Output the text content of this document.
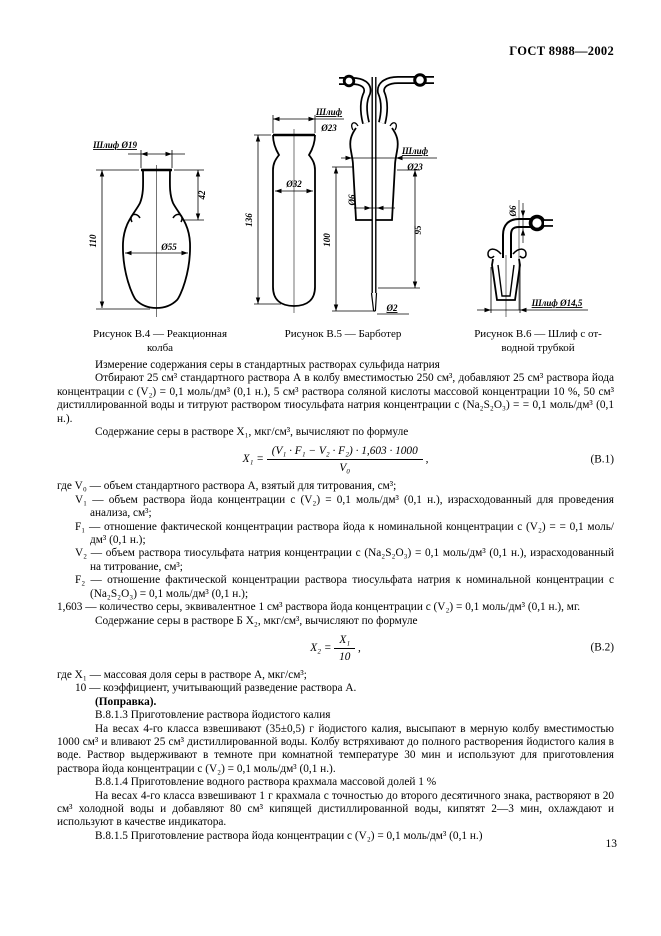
ГОСТ 8988—2002
Шлиф Ø19
110
42
Ø55
Шлиф
Ø23
136
Ø32
Шлиф
Ø23
95
100
Ø6
Ø2
Ø6
Шлиф Ø14,5
Рисунок В.4 — Реакционная
колба
Рисунок В.5 — Барботер	Рисунок В.6 — Шлиф с от-
водной трубкой

Измерение содержания серы в стандартных растворах сульфида натрия

Отбирают 25 см³ стандартного раствора А в колбу вместимостью 250 см³, добавляют 25 см³ раствора йода концентрации с (V₂) = 0,1 моль/дм³ (0,1 н.), 5 см³ раствора соляной кислоты массовой концентрации 10 %, 50 см³ дистиллированной воды и титруют раствором тиосульфата натрия концентрации с (Na₂S₂O₃) = = 0,1 моль/дм³ (0,1 н.).

Содержание серы в растворе X₁, мкг/см³, вычисляют по формуле

$X_1 = \frac{\text{(V₁ · F₁ − V₂ · F₂) · 1,603 · 1000}}{\text{V₀}}$ ,	(В.1)

где V₀ — объем стандартного раствора А, взятый для титрования, см³;

V₁ — объем раствора йода концентрации с (V₂) = 0,1 моль/дм³ (0,1 н.), израсходованный для проведения анализа, см³;

F₁ — отношение фактической концентрации раствора йода к номинальной концентрации с (V₂) = = 0,1 моль/дм³ (0,1 н.);

V₂ — объем раствора тиосульфата натрия концентрации с (Na₂S₂O₃) = 0,1 моль/дм³ (0,1 н.), израсходованный на титрование, см³;

F₂ — отношение фактической концентрации раствора тиосульфата натрия к номинальной концентрации с (Na₂S₂O₃) = 0,1 моль/дм³ (0,1 н.);

1,603 — количество серы, эквивалентное 1 см³ раствора йода концентрации с (V₂) = 0,1 моль/дм³ (0,1 н.), мг.

Содержание серы в растворе Б X₂, мкг/см³, вычисляют по формуле

$X_2 = \frac{\text{X₁}}{10}$ ,	(В.2)

где X₁ — массовая доля серы в растворе А, мкг/см³;

10 — коэффициент, учитывающий разведение раствора А.

(Поправка).

В.8.1.3 Приготовление раствора йодистого калия

На весах 4-го класса взвешивают (35±0,5) г йодистого калия, высыпают в мерную колбу вместимостью 1000 см³ и вливают 25 см³ дистиллированной воды. Колбу встряхивают до полного растворения йодистого калия в воде. Раствор выдерживают в темноте при комнатной температуре 30 мин и используют для приготовления раствора йода концентрации с (V₂) = 0,1 моль/дм³ (0,1 н.).

В.8.1.4 Приготовление водного раствора крахмала массовой долей 1 %

На весах 4-го класса взвешивают 1 г крахмала с точностью до второго десятичного знака, растворяют в 20 см³ холодной воды и добавляют 80 см³ кипящей дистиллированной воды, кипятят 2—3 мин, охлаждают и используют в качестве индикатора.

В.8.1.5 Приготовление раствора йода концентрации с (V₂) = 0,1 моль/дм³ (0,1 н.)

13
